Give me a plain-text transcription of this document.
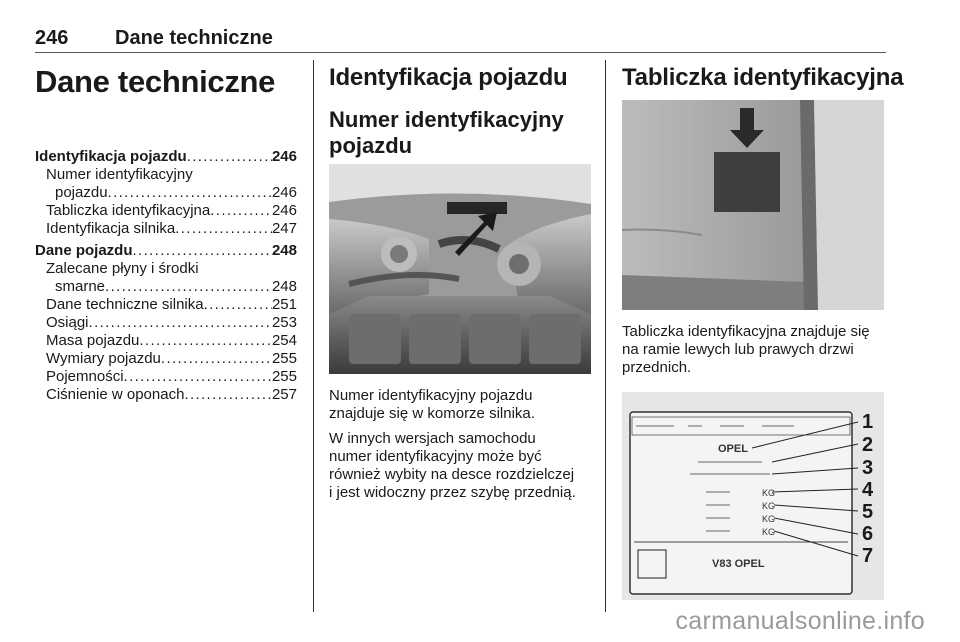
246 Dane techniczne
Dane techniczne
Identyfikacja pojazdu . . .	246
Numer identyfikacyjny
pojazdu . . .	246
Tabliczka identyfikacyjna . . .	246
Identyfikacja silnika . . .	247
Dane pojazdu . . .	248
Zalecane płyny i środki
smarne . . .	248
Dane techniczne silnika . . .	251
Osiągi . . .	253
Masa pojazdu . . .	254
Wymiary pojazdu . . .	255
Pojemności . . .	255
Ciśnienie w oponach . . .	257
Identyfikacja pojazdu
Numer identyfikacyjny
pojazdu
Numer identyfikacyjny pojazdu
znajduje się w komorze silnika.
W innych wersjach samochodu
numer identyfikacyjny może być
również wybity na desce rozdzielczej
i jest widoczny przez szybę przednią.
Tabliczka identyfikacyjna
Tabliczka identyfikacyjna znajduje się
na ramie lewych lub prawych drzwi
przednich.
OPEL
KG
KG
KG
KG
V83 OPEL
1
2
3
4
5
6
7
carmanualsonline.info
